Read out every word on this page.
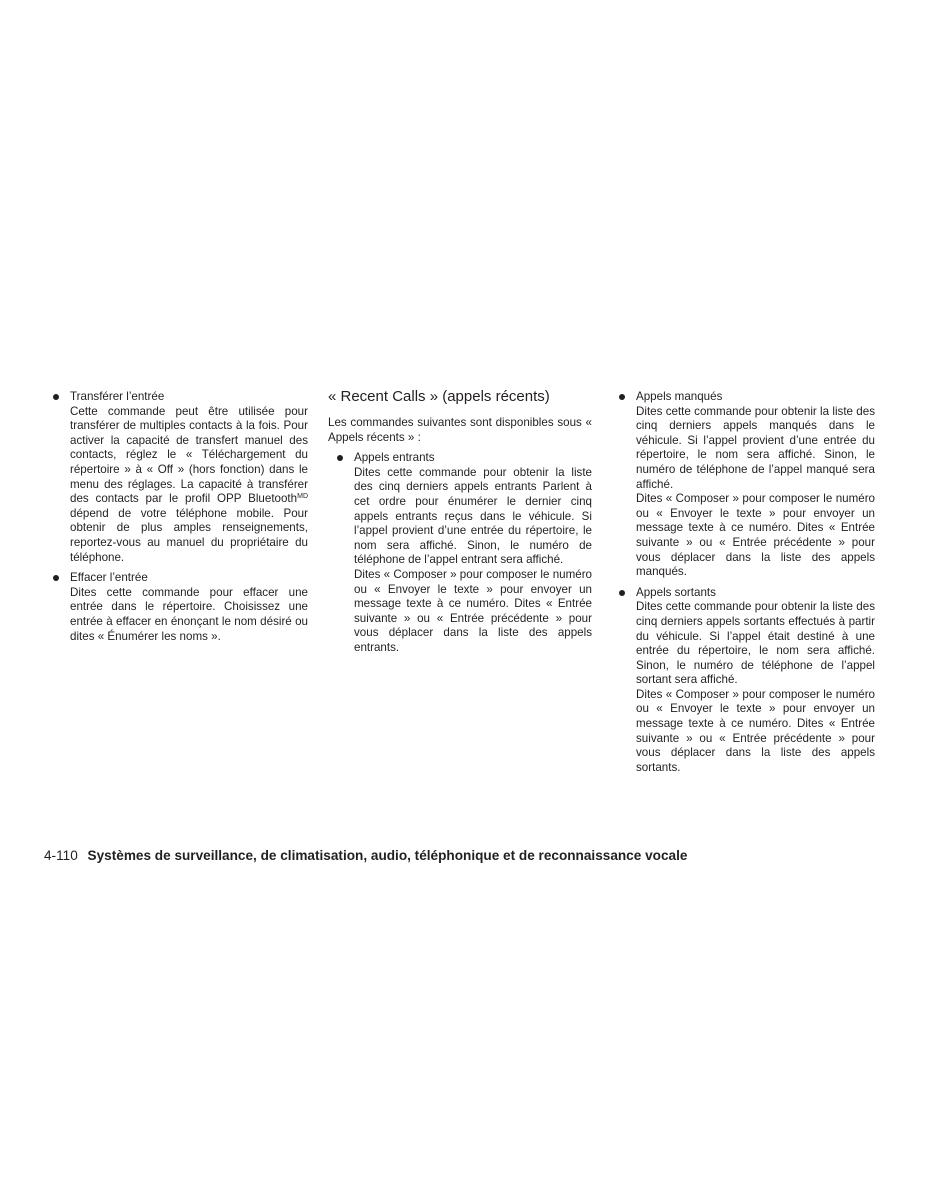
Transférer l’entrée
Cette commande peut être utilisée pour transférer de multiples contacts à la fois. Pour activer la capacité de transfert manuel des contacts, réglez le « Téléchargement du répertoire » à « Off » (hors fonction) dans le menu des réglages. La capacité à transférer des contacts par le profil OPP Bluetooth$^{MD}$ dépend de votre téléphone mobile. Pour obtenir de plus amples renseignements, reportez-vous au manuel du propriétaire du téléphone.
Effacer l’entrée
Dites cette commande pour effacer une entrée dans le répertoire. Choisissez une entrée à effacer en énonçant le nom désiré ou dites « Énumérer les noms ».
« Recent Calls » (appels récents)

Les commandes suivantes sont disponibles sous « Appels récents » :

Appels entrants
Dites cette commande pour obtenir la liste des cinq derniers appels entrants Parlent à cet ordre pour énumérer le dernier cinq appels entrants reçus dans le véhicule. Si l’appel provient d’une entrée du répertoire, le nom sera affiché. Sinon, le numéro de téléphone de l’appel entrant sera affiché.
Dites « Composer » pour composer le numéro ou « Envoyer le texte » pour envoyer un message texte à ce numéro. Dites « Entrée suivante » ou « Entrée précédente » pour vous déplacer dans la liste des appels entrants.
Appels manqués
Dites cette commande pour obtenir la liste des cinq derniers appels manqués dans le véhicule. Si l’appel provient d’une entrée du répertoire, le nom sera affiché. Sinon, le numéro de téléphone de l’appel manqué sera affiché.
Dites « Composer » pour composer le numéro ou « Envoyer le texte » pour envoyer un message texte à ce numéro. Dites « Entrée suivante » ou « Entrée précédente » pour vous déplacer dans la liste des appels manqués.
Appels sortants
Dites cette commande pour obtenir la liste des cinq derniers appels sortants effectués à partir du véhicule. Si l’appel était destiné à une entrée du répertoire, le nom sera affiché. Sinon, le numéro de téléphone de l’appel sortant sera affiché.
Dites « Composer » pour composer le numéro ou « Envoyer le texte » pour envoyer un message texte à ce numéro. Dites « Entrée suivante » ou « Entrée précédente » pour vous déplacer dans la liste des appels sortants.
4-110 Systèmes de surveillance, de climatisation, audio, téléphonique et de reconnaissance vocale
